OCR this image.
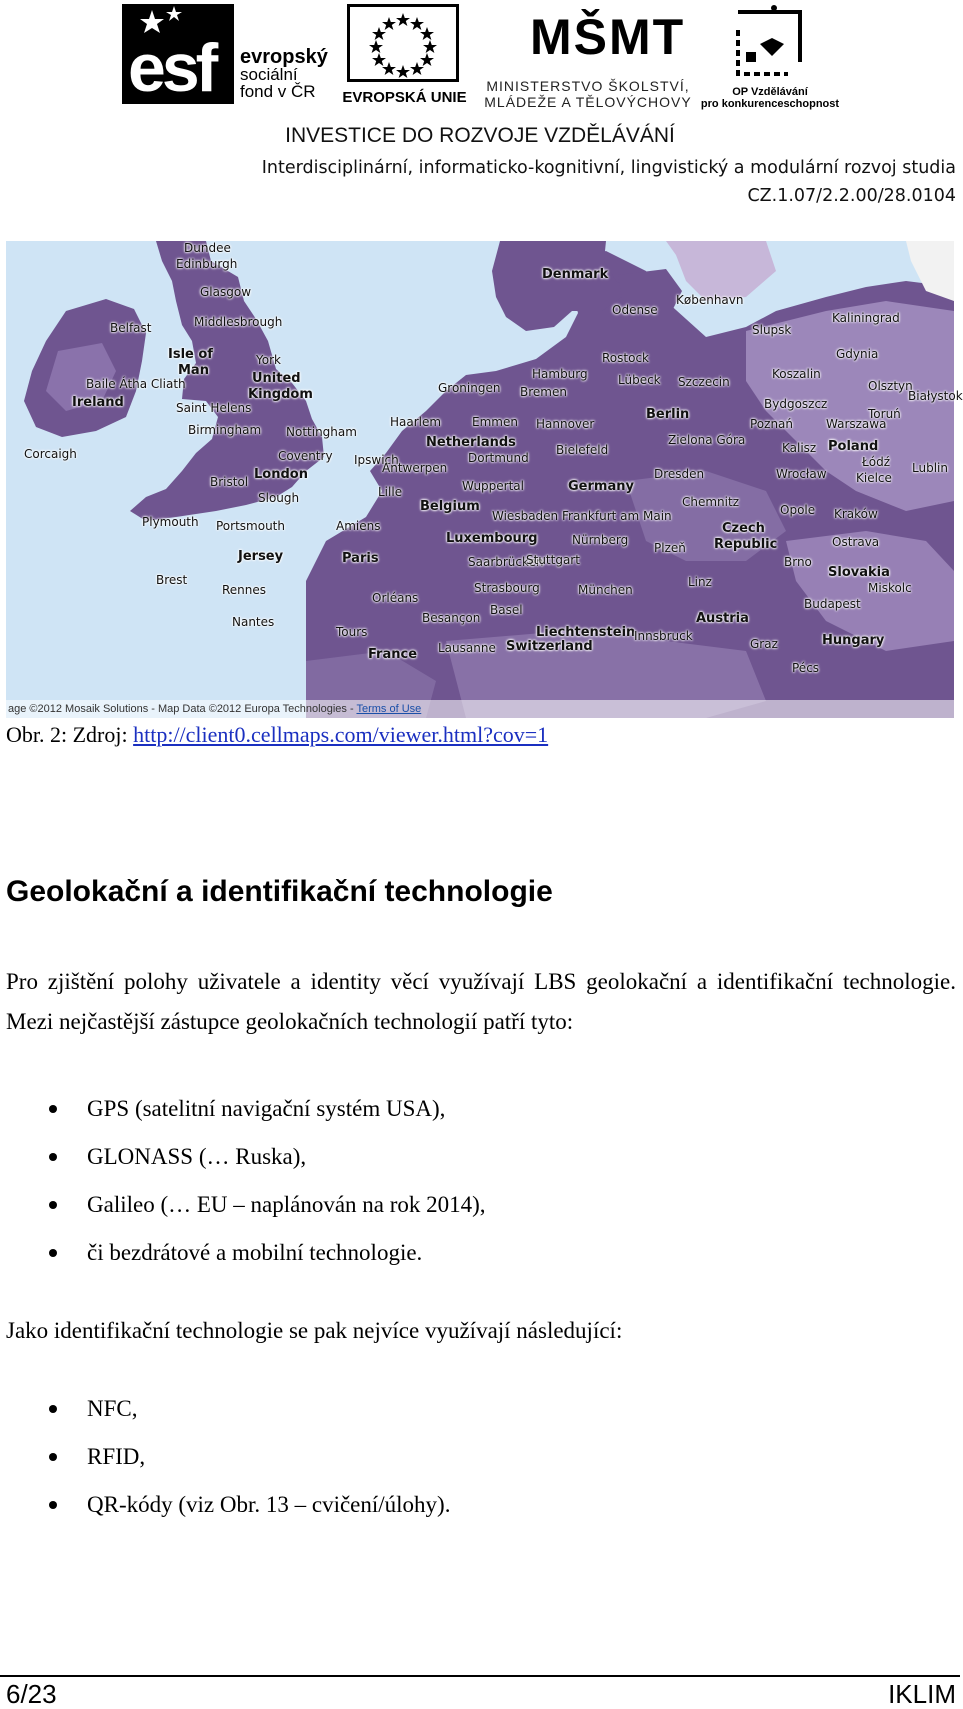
esf evropský
sociální
fond v ČR	EVROPSKÁ UNIE
MŠMT
MINISTERSTVO ŠKOLSTVÍ,
MLÁDEŽE A TĚLOVÝCHOVY
OP Vzdělávání
pro konkurenceschopnost
INVESTICE DO ROZVOJE VZDĚLÁVÁNÍ
Interdisciplinární, informaticko-kognitivní, lingvistický a modulární rozvoj studia
CZ.1.07/2.2.00/28.0104
Dundee
Edinburgh
Glasgow
Belfast
Isle of
Man
Middlesbrough
York
United
Kingdom
Baile Átha Cliath
Ireland	Saint Helens
Birmingham Nottingham
Corcaigh	Coventry
Bristol London
Slough
Ipswich
Plymouth Portsmouth
Denmark
Odense
København
Slupsk
Kaliningrad
Gdynia
Koszalin
Olsztyn
Bydgoszcz
Toruń
Białystok
Rostock
Hamburg	Lübeck Szczecin
Groningen Bremen
Haarlem	Emmen Hannover
Berlin
Poznań	Warszawa
Netherlands	Bielefeld
Dortmund
Zielona Góra
Kalisz Poland
Łódź Lublin
Antwerpen
Wuppertal
Dresden	Wrocław Kielce
Lille	Germany
Belgium	Chemnitz
Opole
Amiens
Wiesbaden Frankfurt am Main	Kraków
Czech
Republic	Ostrava
Luxembourg	Nürnberg
Plzeň
Jersey	Paris	Saarbrücken
Stuttgart	Brno
Slovakia
Miskolc
Brest
Rennes	Strasbourg	Linz
Orléans
München
Budapest
Nantes	Besançon
Basel
Austria
Tours	Liechtenstein
Innsbruck
Graz	Hungary
France Lausanne Switzerland
Pécs
age ©2012 Mosaik Solutions - Map Data ©2012 Europa Technologies - Terms of Use
Obr. 2: Zdroj: http://client0.cellmaps.com/viewer.html?cov=1
Geolokační a identifikační technologie

Pro zjištění polohy uživatele a identity věcí využívají LBS geolokační a identifikační technologie. Mezi nejčastější zástupce geolokačních technologií patří tyto:

GPS (satelitní navigační systém USA),
GLONASS (… Ruska),
Galileo (… EU – naplánován na rok 2014),
či bezdrátové a mobilní technologie.

Jako identifikační technologie se pak nejvíce využívají následující:

NFC,
RFID,
QR-kódy (viz Obr. 13 – cvičení/úlohy).
6/23	IKLIM
